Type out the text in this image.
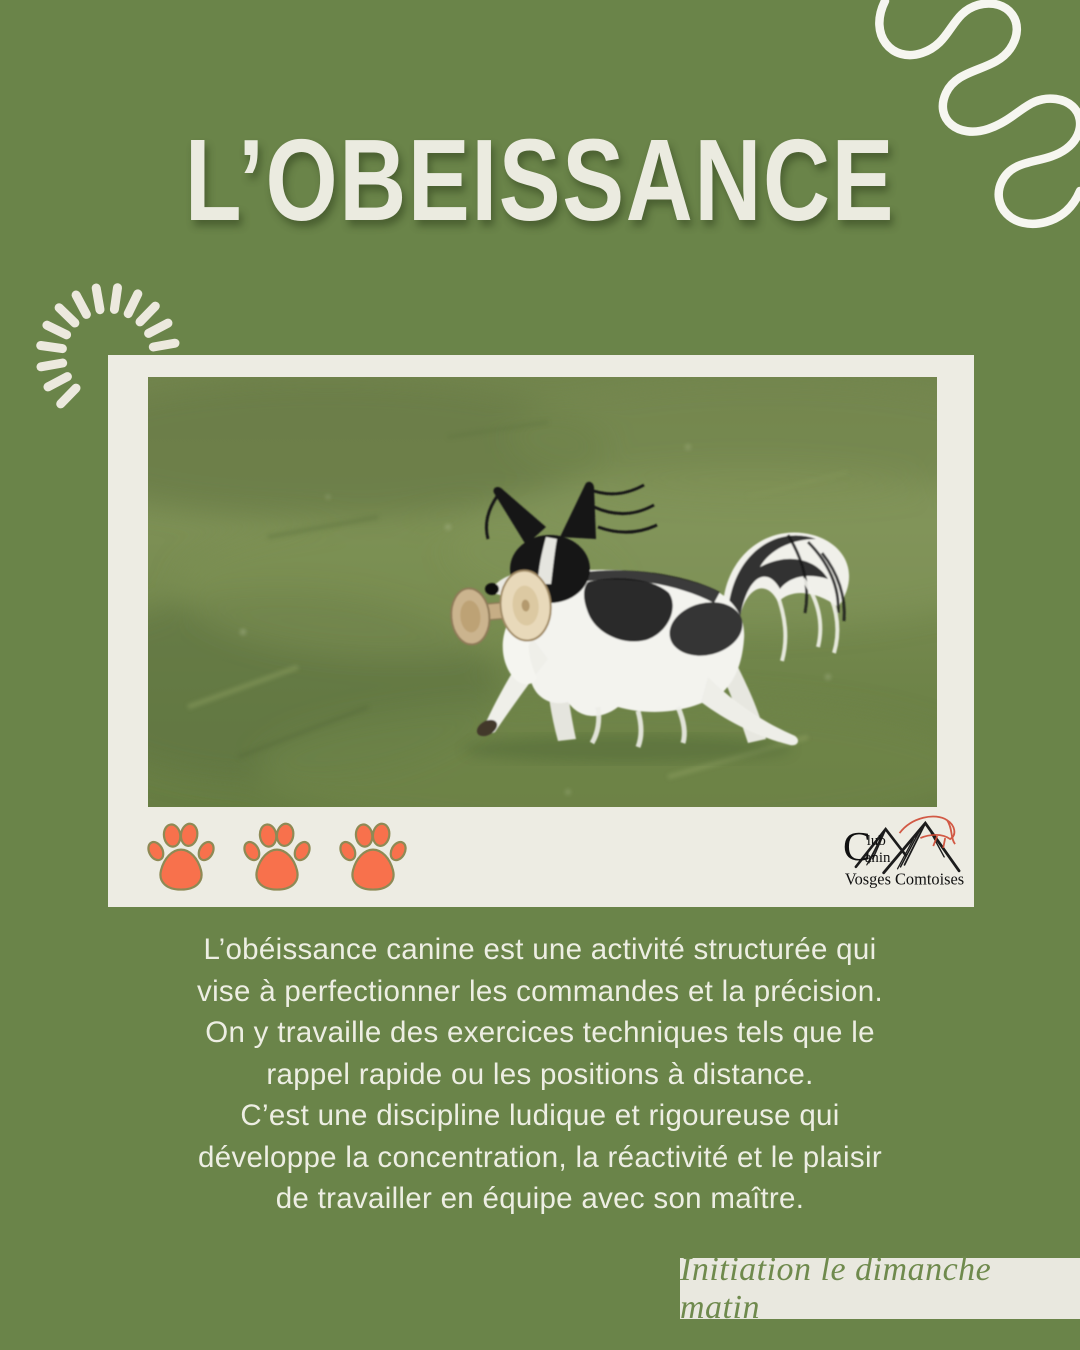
L’OBEISSANCE
C
lub
anin
Vosges Comtoises
L’obéissance canine est une activité structurée qui
vise à perfectionner les commandes et la précision.
On y travaille des exercices techniques tels que le
rappel rapide ou les positions à distance.
C’est une discipline ludique et rigoureuse qui
développe la concentration, la réactivité et le plaisir
de travailler en équipe avec son maître.
Initiation le dimanche matin
